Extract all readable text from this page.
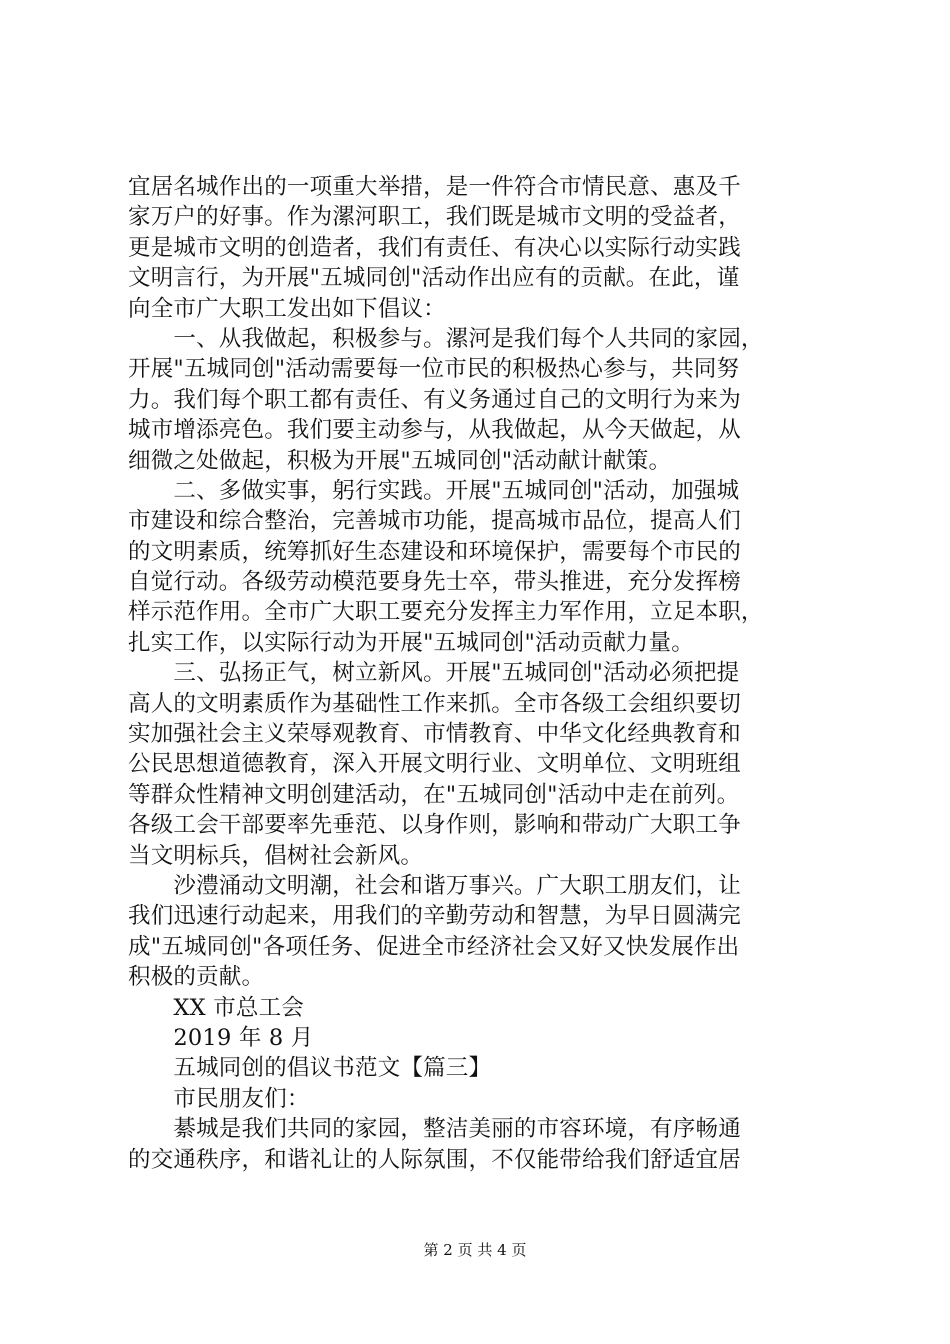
宜居名城作出的一项重大举措，是一件符合市情民意、惠及千
家万户的好事。作为漯河职工，我们既是城市文明的受益者，
更是城市文明的创造者，我们有责任、有决心以实际行动实践
文明言行，为开展"五城同创"活动作出应有的贡献。在此，谨
向全市广大职工发出如下倡议：
　　一、从我做起，积极参与。漯河是我们每个人共同的家园，
开展"五城同创"活动需要每一位市民的积极热心参与，共同努
力。我们每个职工都有责任、有义务通过自己的文明行为来为
城市增添亮色。我们要主动参与，从我做起，从今天做起，从
细微之处做起，积极为开展"五城同创"活动献计献策。
　　二、多做实事，躬行实践。开展"五城同创"活动，加强城
市建设和综合整治，完善城市功能，提高城市品位，提高人们
的文明素质，统筹抓好生态建设和环境保护，需要每个市民的
自觉行动。各级劳动模范要身先士卒，带头推进，充分发挥榜
样示范作用。全市广大职工要充分发挥主力军作用，立足本职，
扎实工作，以实际行动为开展"五城同创"活动贡献力量。
　　三、弘扬正气，树立新风。开展"五城同创"活动必须把提
高人的文明素质作为基础性工作来抓。全市各级工会组织要切
实加强社会主义荣辱观教育、市情教育、中华文化经典教育和
公民思想道德教育，深入开展文明行业、文明单位、文明班组
等群众性精神文明创建活动，在"五城同创"活动中走在前列。
各级工会干部要率先垂范、以身作则，影响和带动广大职工争
当文明标兵，倡树社会新风。
　　沙澧涌动文明潮，社会和谐万事兴。广大职工朋友们，让
我们迅速行动起来，用我们的辛勤劳动和智慧，为早日圆满完
成"五城同创"各项任务、促进全市经济社会又好又快发展作出
积极的贡献。
　　XX 市总工会
　　2019 年 8 月
　　五城同创的倡议书范文【篇三】
　　市民朋友们：
　　綦城是我们共同的家园，整洁美丽的市容环境，有序畅通
的交通秩序，和谐礼让的人际氛围，不仅能带给我们舒适宜居
第 2 页 共 4 页
